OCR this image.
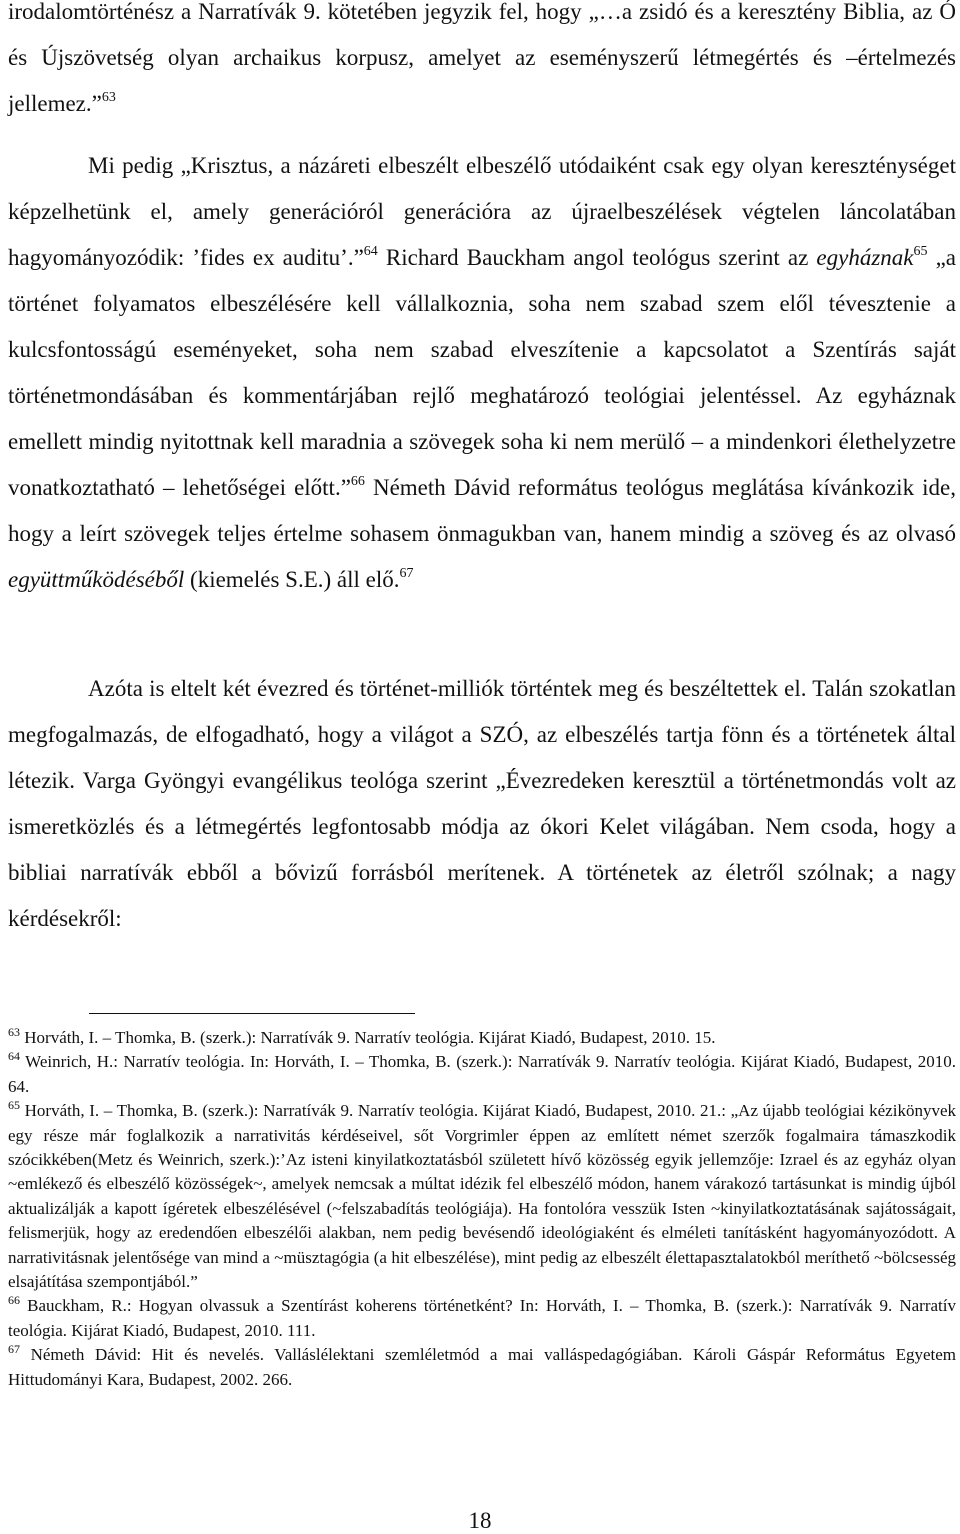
irodalomtörténész a Narratívák 9. kötetében jegyzik fel, hogy „…a zsidó és a keresztény Biblia, az Ó és Újszövetség olyan archaikus korpusz, amelyet az eseményszerű létmegértés és –értelmezés jellemez.”$^{63}$

Mi pedig „Krisztus, a názáreti elbeszélt elbeszélő utódaiként csak egy olyan kereszténységet képzelhetünk el, amely generációról generációra az újraelbeszélések végtelen láncolatában hagyományozódik: ’fides ex auditu’.”$^{64}$ Richard Bauckham angol teológus szerint az egyháznak$^{65}$ „a történet folyamatos elbeszélésére kell vállalkoznia, soha nem szabad szem elől tévesztenie a kulcsfontosságú eseményeket, soha nem szabad elveszítenie a kapcsolatot a Szentírás saját történetmondásában és kommentárjában rejlő meghatározó teológiai jelentéssel. Az egyháznak emellett mindig nyitottnak kell maradnia a szövegek soha ki nem merülő – a mindenkori élethelyzetre vonatkoztatható – lehetőségei előtt.”$^{66}$ Németh Dávid református teológus meglátása kívánkozik ide, hogy a leírt szövegek teljes értelme sohasem önmagukban van, hanem mindig a szöveg és az olvasó együttműködéséből (kiemelés S.E.) áll elő.$^{67}$

Azóta is eltelt két évezred és történet-milliók történtek meg és beszéltettek el. Talán szokatlan megfogalmazás, de elfogadható, hogy a világot a SZÓ, az elbeszélés tartja fönn és a történetek által létezik. Varga Gyöngyi evangélikus teológa szerint „Évezredeken keresztül a történetmondás volt az ismeretközlés és a létmegértés legfontosabb módja az ókori Kelet világában. Nem csoda, hogy a bibliai narratívák ebből a bővizű forrásból merítenek. A történetek az életről szólnak; a nagy kérdésekről:

$^{63}$ Horváth, I. – Thomka, B. (szerk.): Narratívák 9. Narratív teológia. Kijárat Kiadó, Budapest, 2010. 15.

$^{64}$ Weinrich, H.: Narratív teológia. In: Horváth, I. – Thomka, B. (szerk.): Narratívák 9. Narratív teológia. Kijárat Kiadó, Budapest, 2010. 64.

$^{65}$ Horváth, I. – Thomka, B. (szerk.): Narratívák 9. Narratív teológia. Kijárat Kiadó, Budapest, 2010. 21.: „Az újabb teológiai kézikönyvek egy része már foglalkozik a narrativitás kérdéseivel, sőt Vorgrimler éppen az említett német szerzők fogalmaira támaszkodik szócikkében(Metz és Weinrich, szerk.):’Az isteni kinyilatkoztatásból született hívő közösség egyik jellemzője: Izrael és az egyház olyan ~emlékező és elbeszélő közösségek~, amelyek nemcsak a múltat idézik fel elbeszélő módon, hanem várakozó tartásunkat is mindig újból aktualizálják a kapott ígéretek elbeszélésével (~felszabadítás teológiája). Ha fontolóra vesszük Isten ~kinyilatkoztatásának sajátosságait, felismerjük, hogy az eredendően elbeszélői alakban, nem pedig bevésendő ideológiaként és elméleti tanításként hagyományozódott. A narrativitásnak jelentősége van mind a ~müsztagógia (a hit elbeszélése), mint pedig az elbeszélt élettapasztalatokból meríthető ~bölcsesség elsajátítása szempontjából.”

$^{66}$ Bauckham, R.: Hogyan olvassuk a Szentírást koherens történetként? In: Horváth, I. – Thomka, B. (szerk.): Narratívák 9. Narratív teológia. Kijárat Kiadó, Budapest, 2010. 111.

$^{67}$ Németh Dávid: Hit és nevelés. Valláslélektani szemléletmód a mai valláspedagógiában. Károli Gáspár Református Egyetem Hittudományi Kara, Budapest, 2002. 266.

18
